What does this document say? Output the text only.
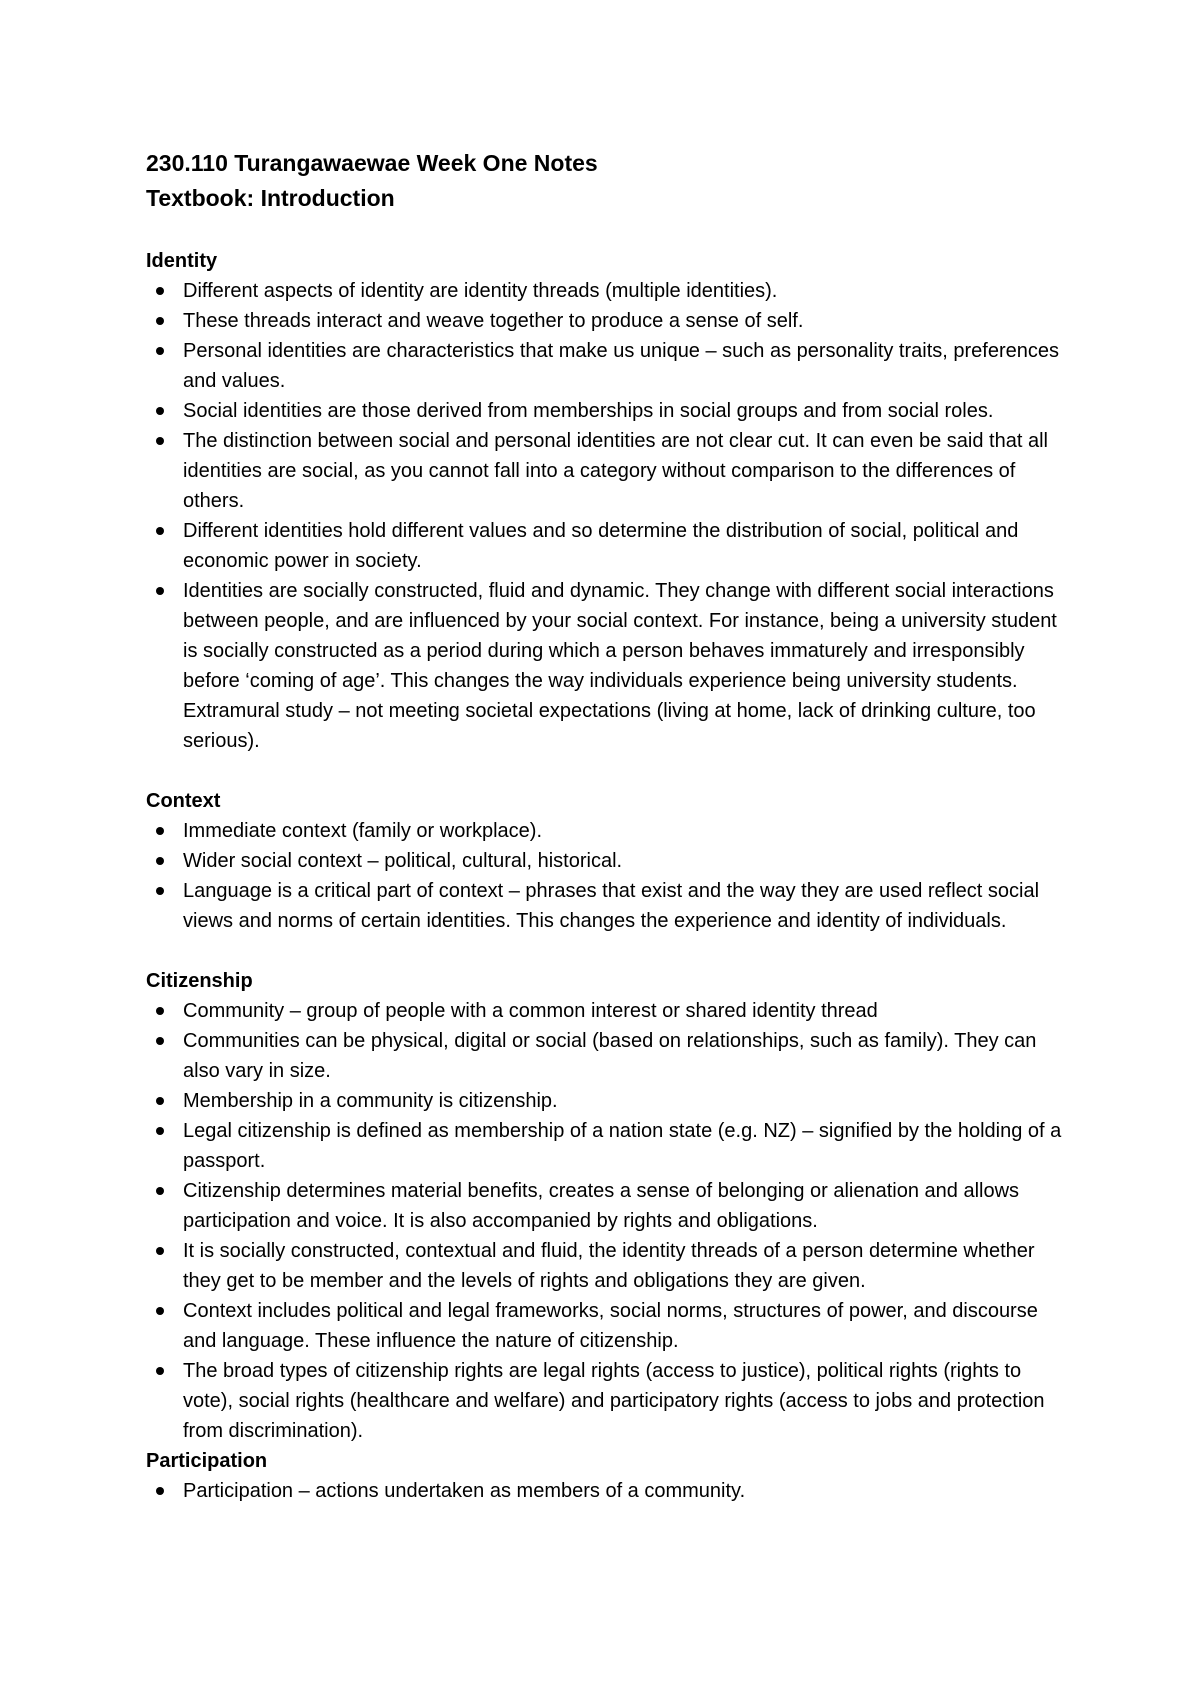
230.110 Turangawaewae Week One Notes
Textbook: Introduction
Identity
Different aspects of identity are identity threads (multiple identities).
These threads interact and weave together to produce a sense of self.
Personal identities are characteristics that make us unique – such as personality traits, preferences and values.
Social identities are those derived from memberships in social groups and from social roles.
The distinction between social and personal identities are not clear cut. It can even be said that all identities are social, as you cannot fall into a category without comparison to the differences of others.
Different identities hold different values and so determine the distribution of social, political and economic power in society.
Identities are socially constructed, fluid and dynamic. They change with different social interactions between people, and are influenced by your social context. For instance, being a university student is socially constructed as a period during which a person behaves immaturely and irresponsibly before ‘coming of age’. This changes the way individuals experience being university students. Extramural study – not meeting societal expectations (living at home, lack of drinking culture, too serious).
Context
Immediate context (family or workplace).
Wider social context – political, cultural, historical.
Language is a critical part of context – phrases that exist and the way they are used reflect social views and norms of certain identities. This changes the experience and identity of individuals.
Citizenship
Community – group of people with a common interest or shared identity thread
Communities can be physical, digital or social (based on relationships, such as family). They can also vary in size.
Membership in a community is citizenship.
Legal citizenship is defined as membership of a nation state (e.g. NZ) – signified by the holding of a passport.
Citizenship determines material benefits, creates a sense of belonging or alienation and allows participation and voice. It is also accompanied by rights and obligations.
It is socially constructed, contextual and fluid, the identity threads of a person determine whether they get to be member and the levels of rights and obligations they are given.
Context includes political and legal frameworks, social norms, structures of power, and discourse and language. These influence the nature of citizenship.
The broad types of citizenship rights are legal rights (access to justice), political rights (rights to vote), social rights (healthcare and welfare) and participatory rights (access to jobs and protection from discrimination).
Participation
Participation – actions undertaken as members of a community.
